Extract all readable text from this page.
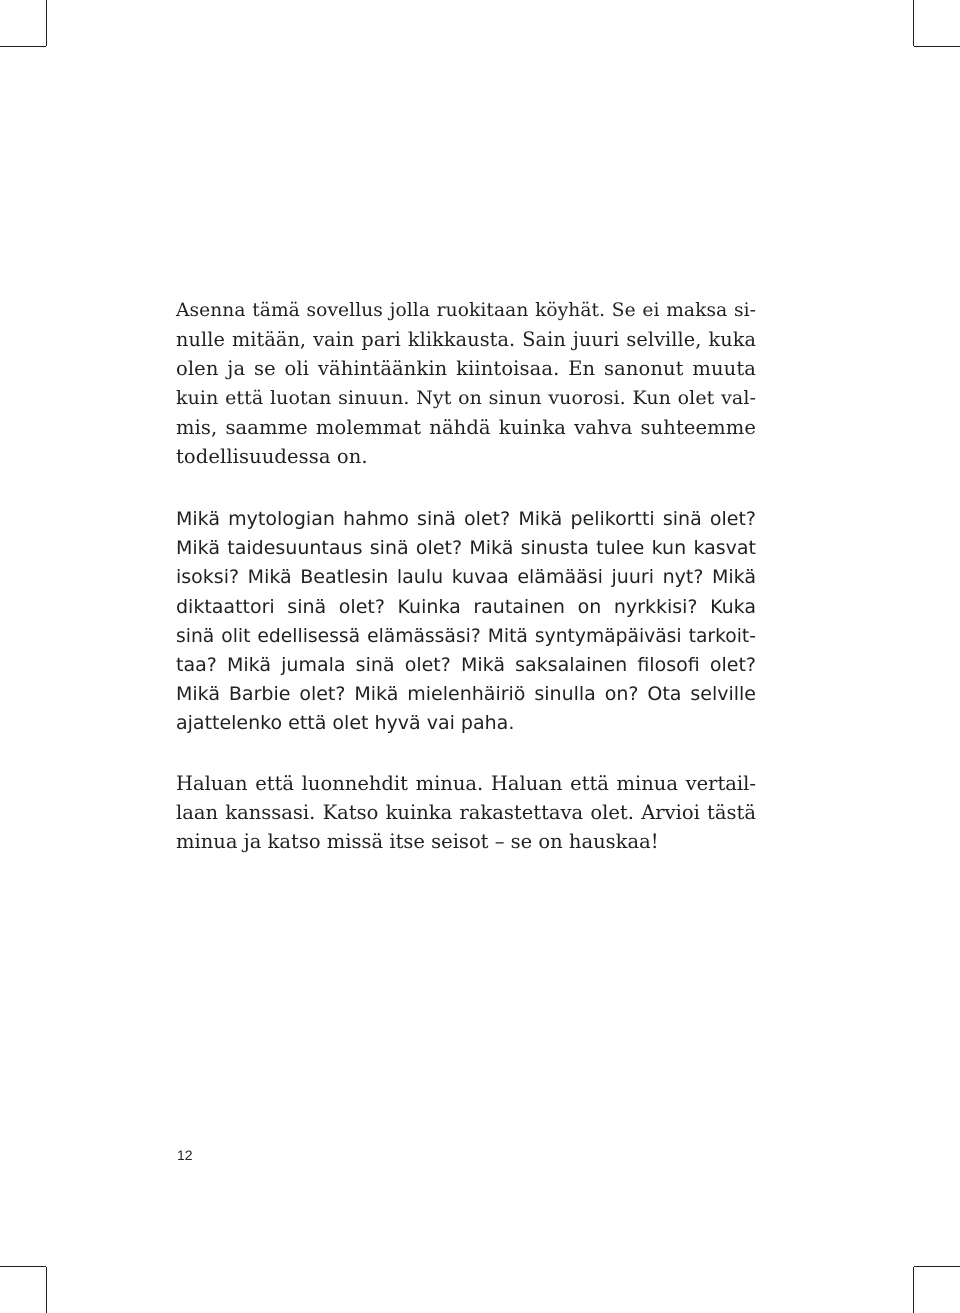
Asenna tämä sovellus jolla ruokitaan köyhät. Se ei maksa si-
nulle mitään, vain pari klikkausta. Sain juuri selville, kuka
olen ja se oli vähintäänkin kiintoisaa. En sanonut muuta
kuin että luotan sinuun. Nyt on sinun vuorosi. Kun olet val-
mis, saamme molemmat nähdä kuinka vahva suhteemme
todellisuudessa on.
Mikä mytologian hahmo sinä olet? Mikä pelikortti sinä olet?
Mikä taidesuuntaus sinä olet? Mikä sinusta tulee kun kasvat
isoksi? Mikä Beatlesin laulu kuvaa elämääsi juuri nyt? Mikä
diktaattori sinä olet? Kuinka rautainen on nyrkkisi? Kuka
sinä olit edellisessä elämässäsi? Mitä syntymäpäiväsi tarkoit-
taa? Mikä jumala sinä olet? Mikä saksalainen filosofi olet?
Mikä Barbie olet? Mikä mielenhäiriö sinulla on? Ota selville
ajattelenko että olet hyvä vai paha.
Haluan että luonnehdit minua. Haluan että minua vertail-
laan kanssasi. Katso kuinka rakastettava olet. Arvioi tästä
minua ja katso missä itse seisot – se on hauskaa!
12
